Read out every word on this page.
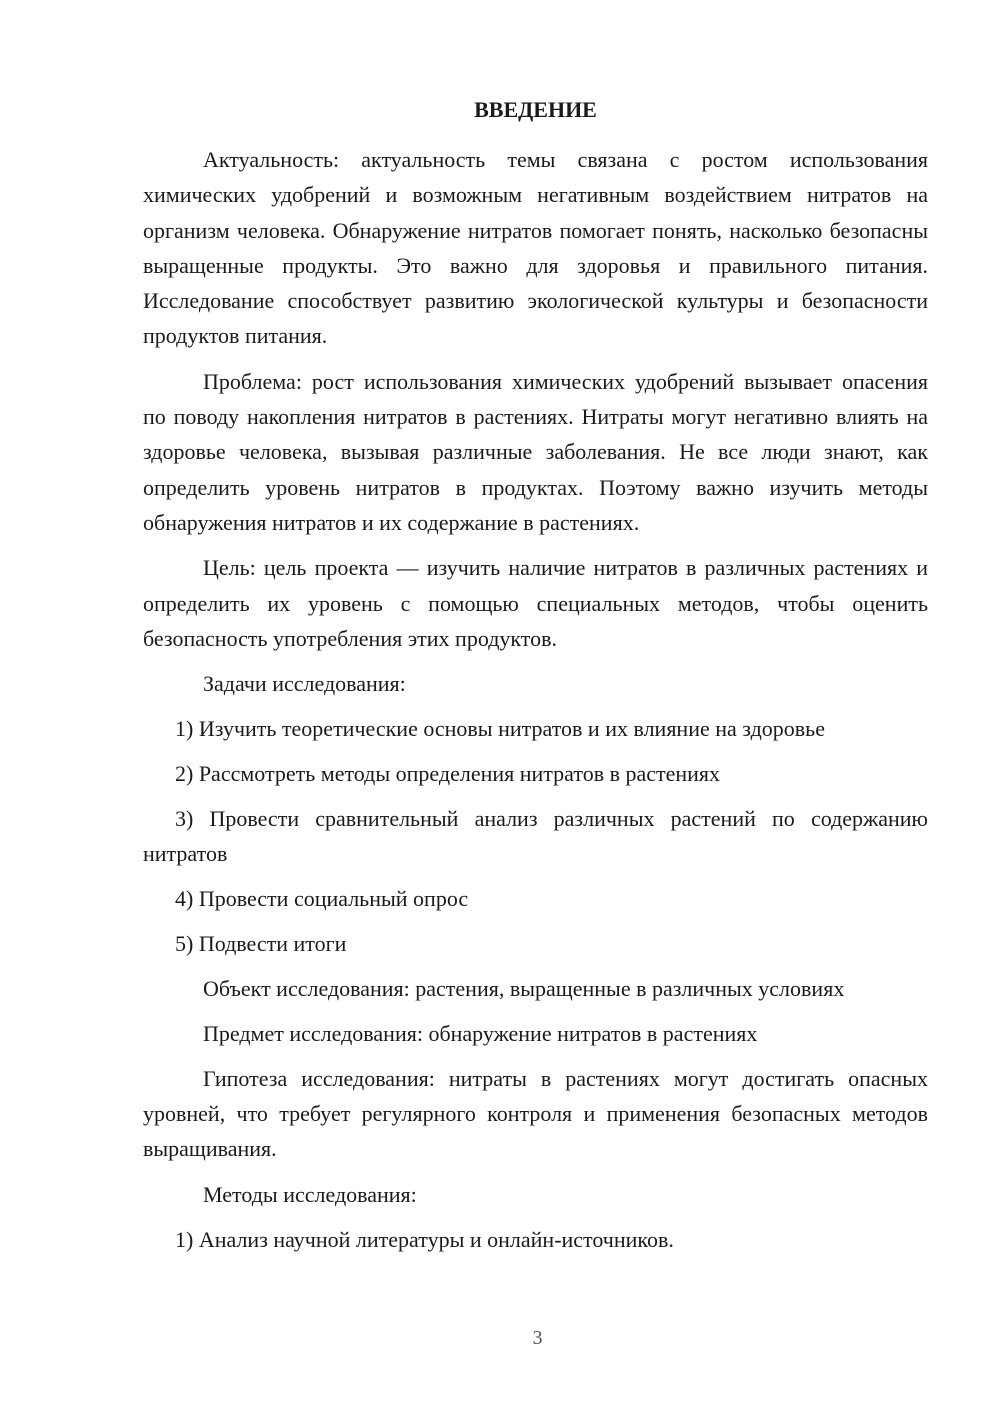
ВВЕДЕНИЕ

Актуальность: актуальность темы связана с ростом использования химических удобрений и возможным негативным воздействием нитратов на организм человека. Обнаружение нитратов помогает понять, насколько безопасны выращенные продукты. Это важно для здоровья и правильного питания. Исследование способствует развитию экологической культуры и безопасности продуктов питания.

Проблема: рост использования химических удобрений вызывает опасения по поводу накопления нитратов в растениях. Нитраты могут негативно влиять на здоровье человека, вызывая различные заболевания. Не все люди знают, как определить уровень нитратов в продуктах. Поэтому важно изучить методы обнаружения нитратов и их содержание в растениях.

Цель: цель проекта — изучить наличие нитратов в различных растениях и определить их уровень с помощью специальных методов, чтобы оценить безопасность употребления этих продуктов.

Задачи исследования:

1) Изучить теоретические основы нитратов и их влияние на здоровье

2) Рассмотреть методы определения нитратов в растениях

3) Провести сравнительный анализ различных растений по содержанию нитратов

4) Провести социальный опрос

5) Подвести итоги

Объект исследования: растения, выращенные в различных условиях

Предмет исследования: обнаружение нитратов в растениях

Гипотеза исследования: нитраты в растениях могут достигать опасных уровней, что требует регулярного контроля и применения безопасных методов выращивания.

Методы исследования:

1) Анализ научной литературы и онлайн-источников.

3
